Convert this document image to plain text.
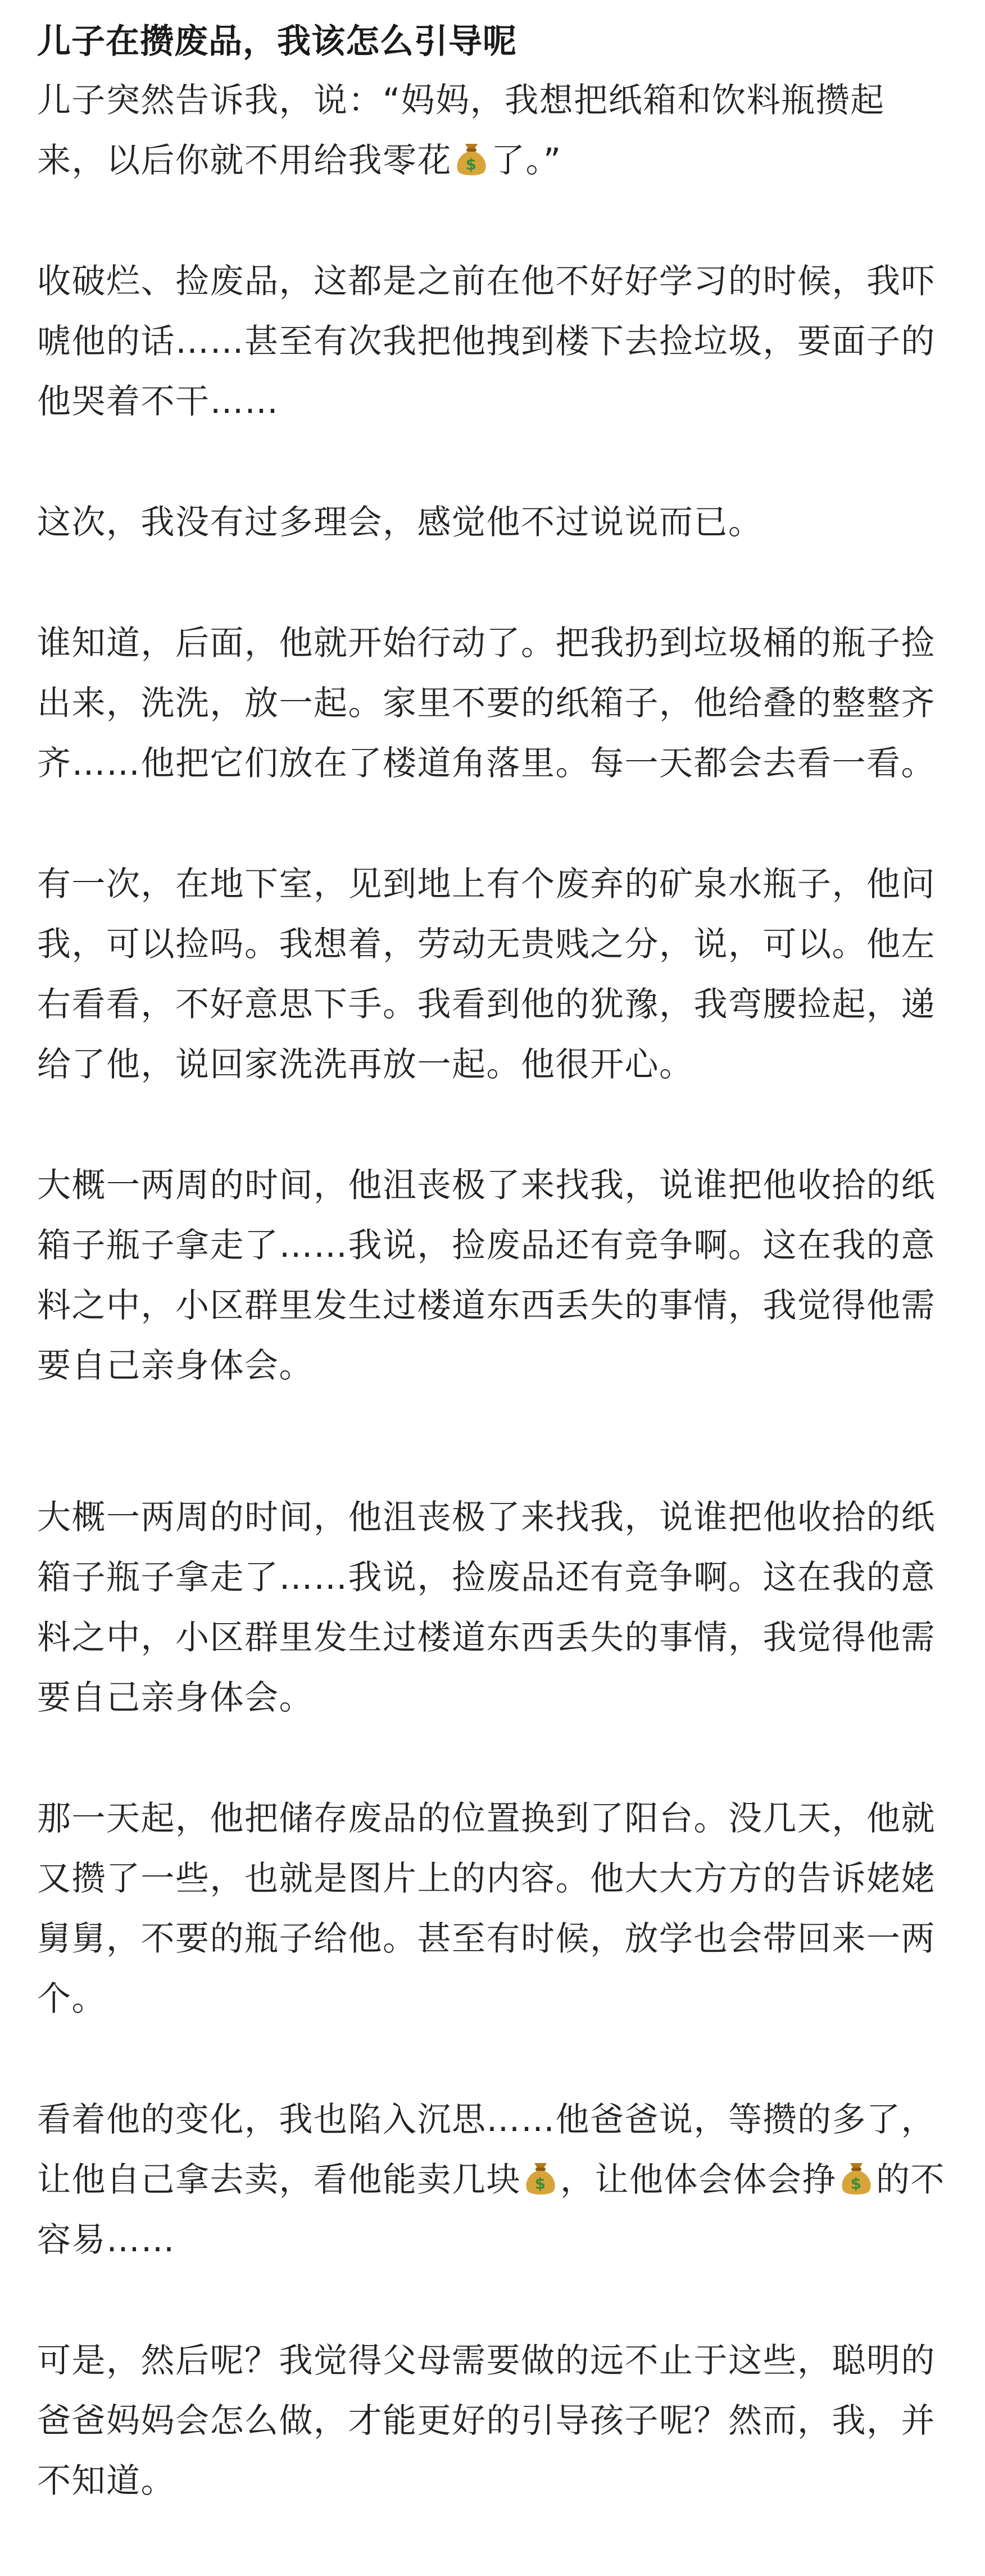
儿子在攒废品，我该怎么引导呢

儿子突然告诉我，说：“妈妈，我想把纸箱和饮料瓶攒起来，以后你就不用给我零花 $ 了。”

收破烂、捡废品，这都是之前在他不好好学习的时候，我吓唬他的话……甚至有次我把他拽到楼下去捡垃圾，要面子的他哭着不干……

这次，我没有过多理会，感觉他不过说说而已。

谁知道，后面，他就开始行动了。把我扔到垃圾桶的瓶子捡出来，洗洗，放一起。家里不要的纸箱子，他给叠的整整齐齐……他把它们放在了楼道角落里。每一天都会去看一看。

有一次，在地下室，见到地上有个废弃的矿泉水瓶子，他问我，可以捡吗。我想着，劳动无贵贱之分，说，可以。他左右看看，不好意思下手。我看到他的犹豫，我弯腰捡起，递给了他，说回家洗洗再放一起。他很开心。

大概一两周的时间，他沮丧极了来找我，说谁把他收拾的纸箱子瓶子拿走了……我说，捡废品还有竞争啊。这在我的意料之中，小区群里发生过楼道东西丢失的事情，我觉得他需要自己亲身体会。

大概一两周的时间，他沮丧极了来找我，说谁把他收拾的纸箱子瓶子拿走了……我说，捡废品还有竞争啊。这在我的意料之中，小区群里发生过楼道东西丢失的事情，我觉得他需要自己亲身体会。

那一天起，他把储存废品的位置换到了阳台。没几天，他就又攒了一些，也就是图片上的内容。他大大方方的告诉姥姥舅舅，不要的瓶子给他。甚至有时候，放学也会带回来一两个。

看着他的变化，我也陷入沉思……他爸爸说，等攒的多了，让他自己拿去卖，看他能卖几块 $ ，让他体会体会挣 $ 的不容易……

可是，然后呢？我觉得父母需要做的远不止于这些，聪明的爸爸妈妈会怎么做，才能更好的引导孩子呢？然而，我，并不知道。
